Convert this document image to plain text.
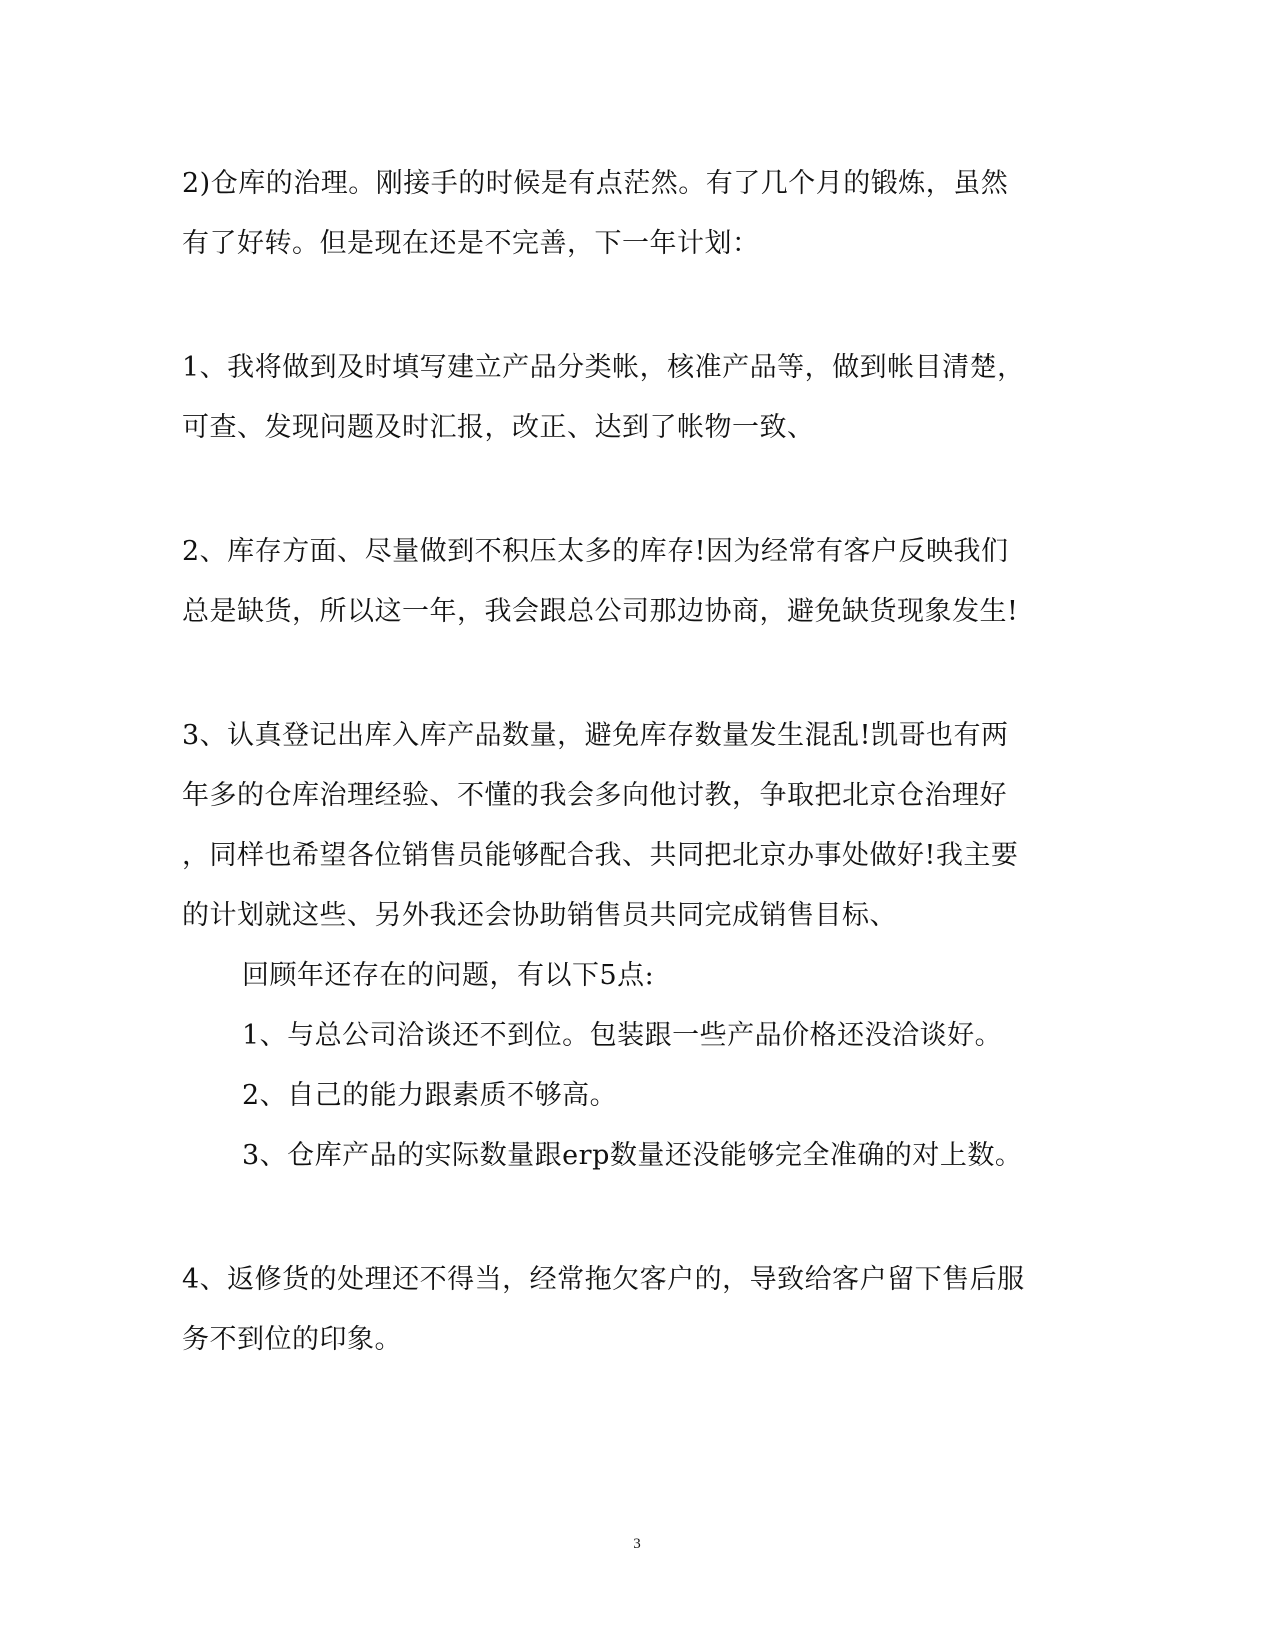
2)仓库的治理。刚接手的时候是有点茫然。有了几个月的锻炼，虽然
有了好转。但是现在还是不完善，下一年计划：
1、我将做到及时填写建立产品分类帐，核准产品等，做到帐目清楚，
可查、发现问题及时汇报，改正、达到了帐物一致、
2、库存方面、尽量做到不积压太多的库存!因为经常有客户反映我们
总是缺货，所以这一年，我会跟总公司那边协商，避免缺货现象发生!
3、认真登记出库入库产品数量，避免库存数量发生混乱!凯哥也有两
年多的仓库治理经验、不懂的我会多向他讨教，争取把北京仓治理好
，同样也希望各位销售员能够配合我、共同把北京办事处做好!我主要
的计划就这些、另外我还会协助销售员共同完成销售目标、
回顾年还存在的问题，有以下5点:
1、与总公司洽谈还不到位。包装跟一些产品价格还没洽谈好。
2、自己的能力跟素质不够高。
3、仓库产品的实际数量跟erp数量还没能够完全准确的对上数。
4、返修货的处理还不得当，经常拖欠客户的，导致给客户留下售后服
务不到位的印象。
3
